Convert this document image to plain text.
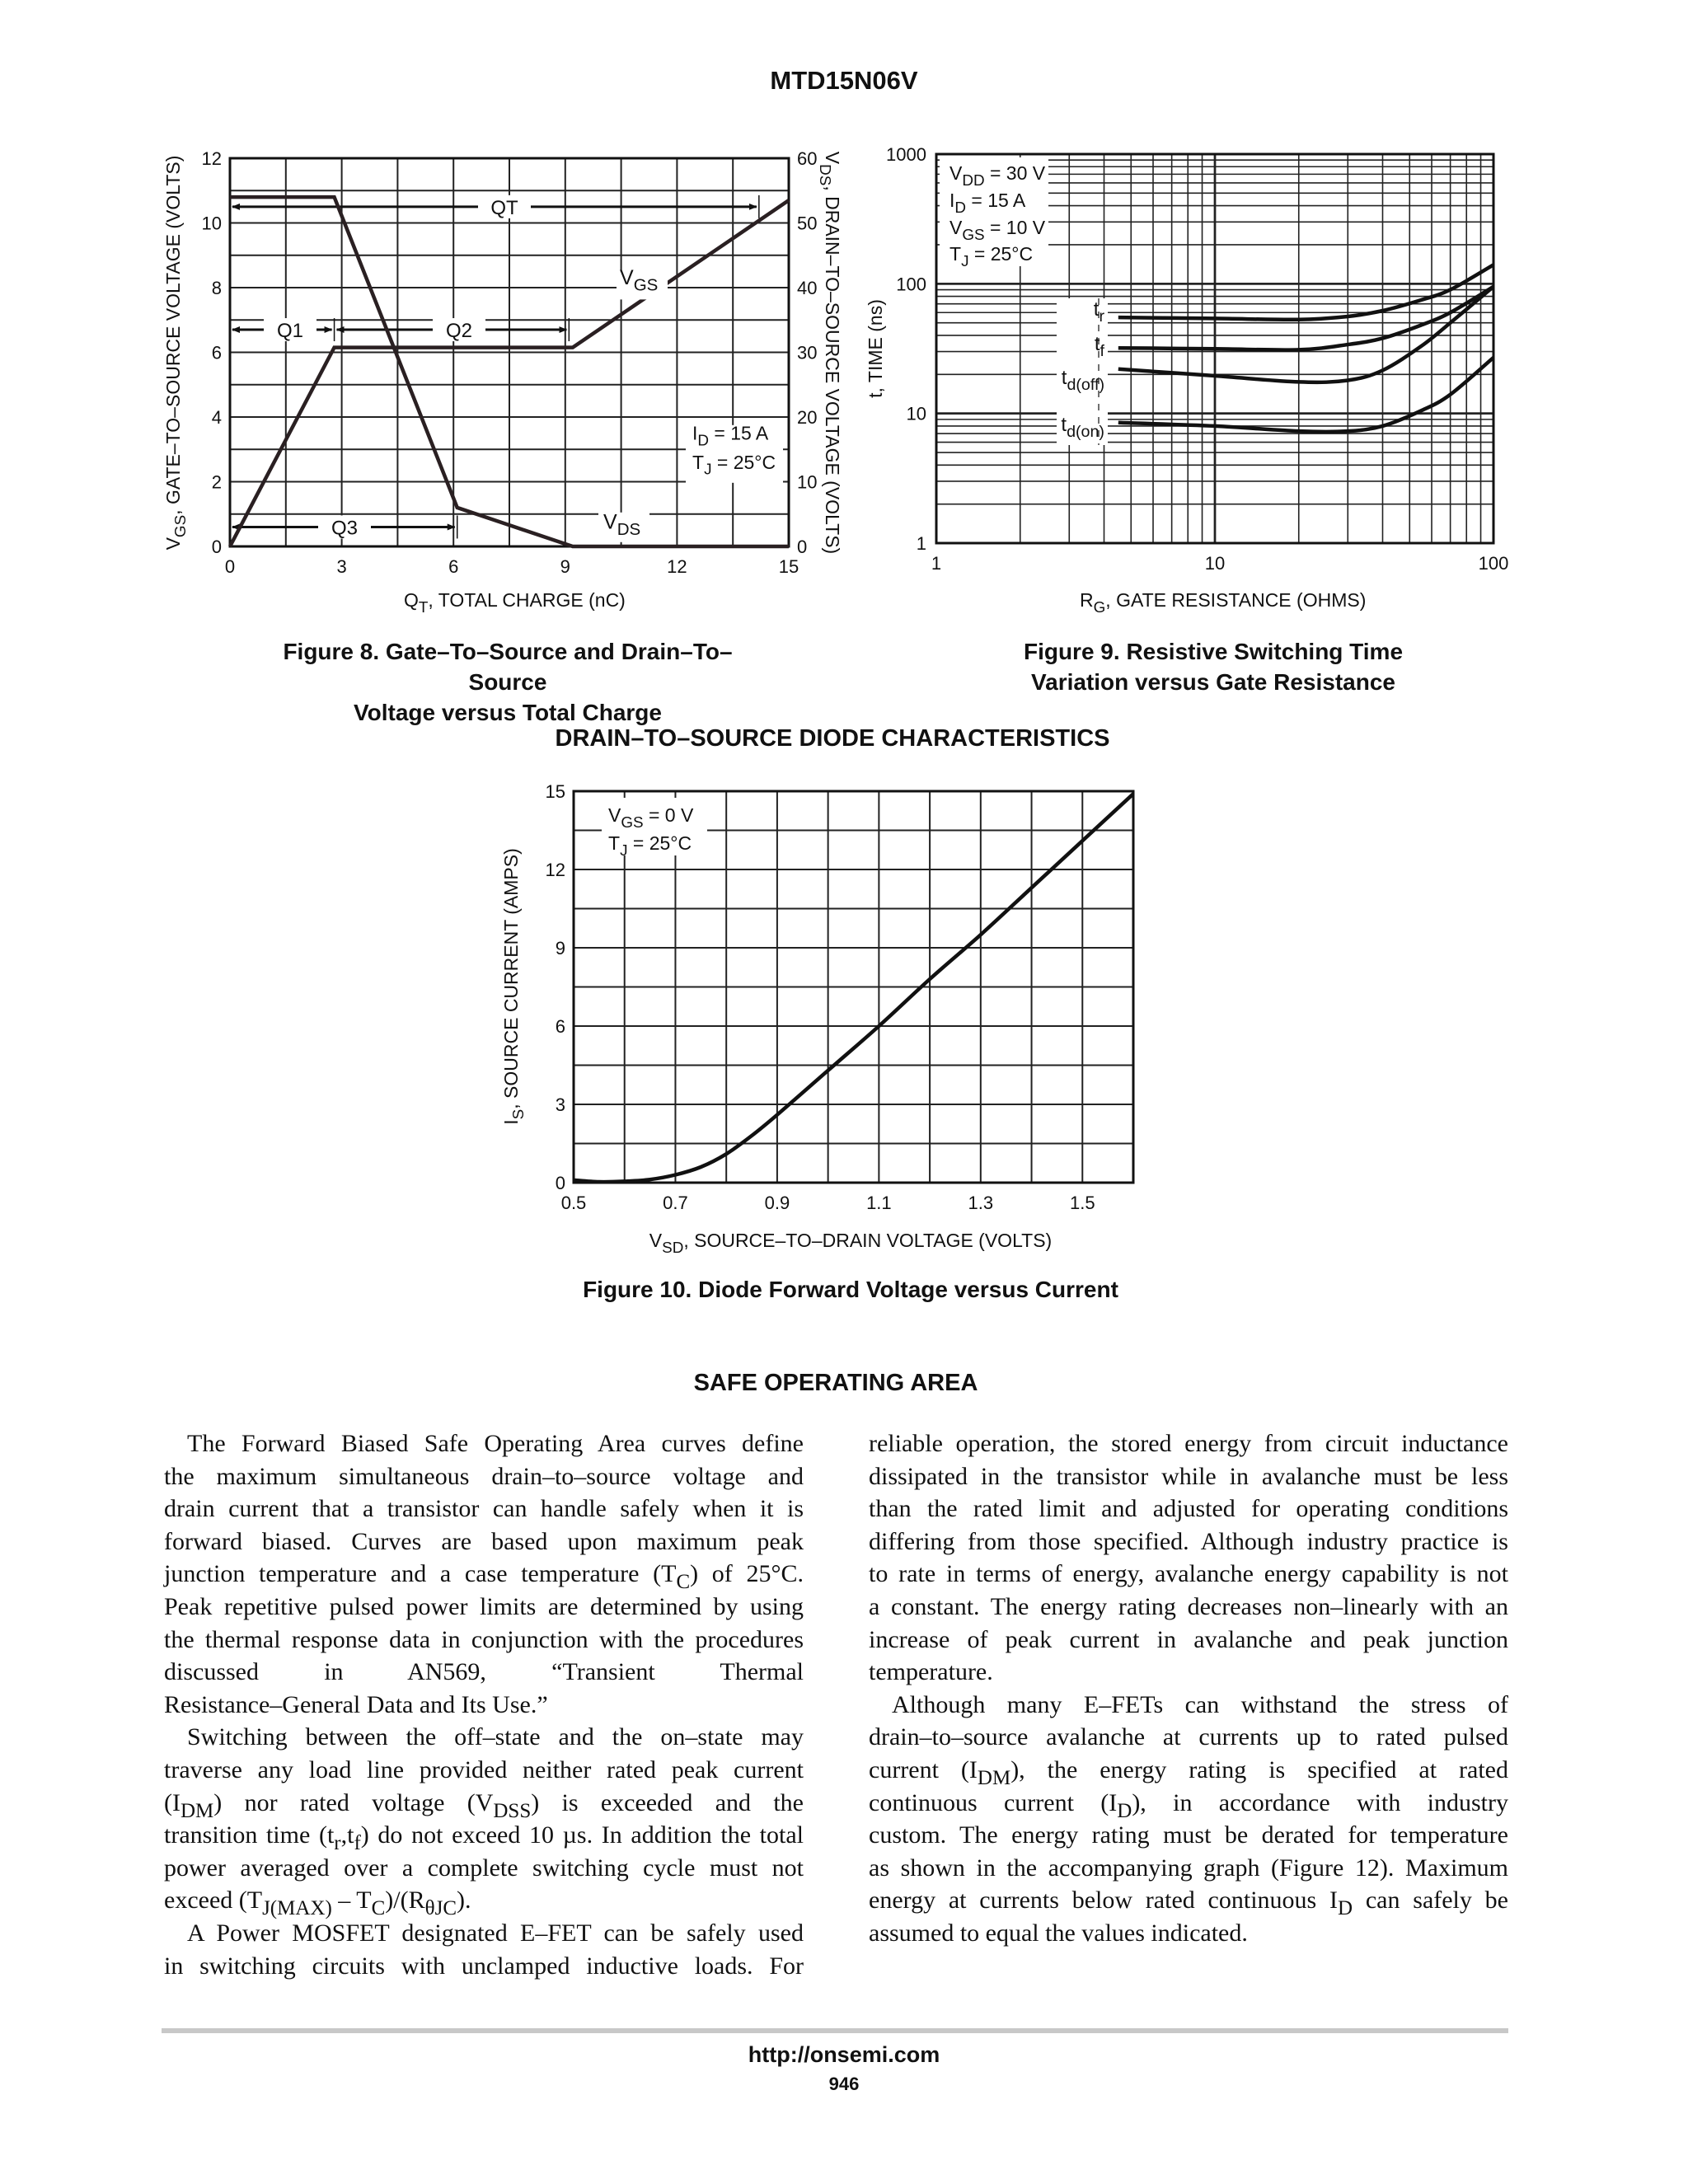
MTD15N06V
0	3	6	9	12	15
0
2
4
6
8
10
12
0
10
20
30
40
50
60
$Q_T$, TOTAL CHARGE (nC)
$V_{GS}$, GATE–TO–SOURCE VOLTAGE (VOLTS)	$V_{DS}$, DRAIN–TO–SOURCE VOLTAGE (VOLTS)
QT
Q1	Q2
Q3
$I_D = 15$ A
$T_J = 25^\circ C$
$V_{GS}$
$V_{DS}$
1	10	100
1
10
100
1000
$R_G$, GATE RESISTANCE (OHMS)
t, TIME (ns)
$V_{DD} = 30$ V
$I_D = 15$ A
$V_{GS} = 10$ V
$T_J = 25^\circ C$
$t_r$
$t_f$
$t_{d(off)}$
$t_{d(on)}$
0.5	0.7	0.9	1.1	1.3	1.5
0
3
6
9
12
15
$V_{SD}$, SOURCE–TO–DRAIN VOLTAGE (VOLTS)
$I_S$, SOURCE CURRENT (AMPS)
$V_{GS} = 0$ V
$T_J = 25^\circ C$
Figure 8. Gate–To–Source and Drain–To–Source
Voltage versus Total Charge
Figure 9. Resistive Switching Time
Variation versus Gate Resistance
DRAIN–TO–SOURCE DIODE CHARACTERISTICS
Figure 10. Diode Forward Voltage versus Current
SAFE OPERATING AREA
The Forward Biased Safe Operating Area curves define
the maximum simultaneous drain–to–source voltage and
drain current that a transistor can handle safely when it is
forward biased. Curves are based upon maximum peak
junction temperature and a case temperature $(T_C)$ of 25°C.
Peak repetitive pulsed power limits are determined by using
the thermal response data in conjunction with the procedures
discussed in AN569, “Transient Thermal
Resistance–General Data and Its Use.”
Switching between the off–state and the on–state may
traverse any load line provided neither rated peak current
$(I_{DM})$ nor rated voltage $(V_{DSS})$ is exceeded and the
transition time $(t_r,t_f)$ do not exceed 10 µs. In addition the total
power averaged over a complete switching cycle must not
exceed $(T_{J(MAX)} - T_C)/(R_{\theta JC})$.
A Power MOSFET designated E–FET can be safely used
in switching circuits with unclamped inductive loads. For
reliable operation, the stored energy from circuit inductance
dissipated in the transistor while in avalanche must be less
than the rated limit and adjusted for operating conditions
differing from those specified. Although industry practice is
to rate in terms of energy, avalanche energy capability is not
a constant. The energy rating decreases non–linearly with an
increase of peak current in avalanche and peak junction
temperature.
Although many E–FETs can withstand the stress of
drain–to–source avalanche at currents up to rated pulsed
current $(I_{DM})$, the energy rating is specified at rated
continuous current $(I_D)$, in accordance with industry
custom. The energy rating must be derated for temperature
as shown in the accompanying graph (Figure 12). Maximum
energy at currents below rated continuous $I_D$ can safely be
assumed to equal the values indicated.
http://onsemi.com
946
